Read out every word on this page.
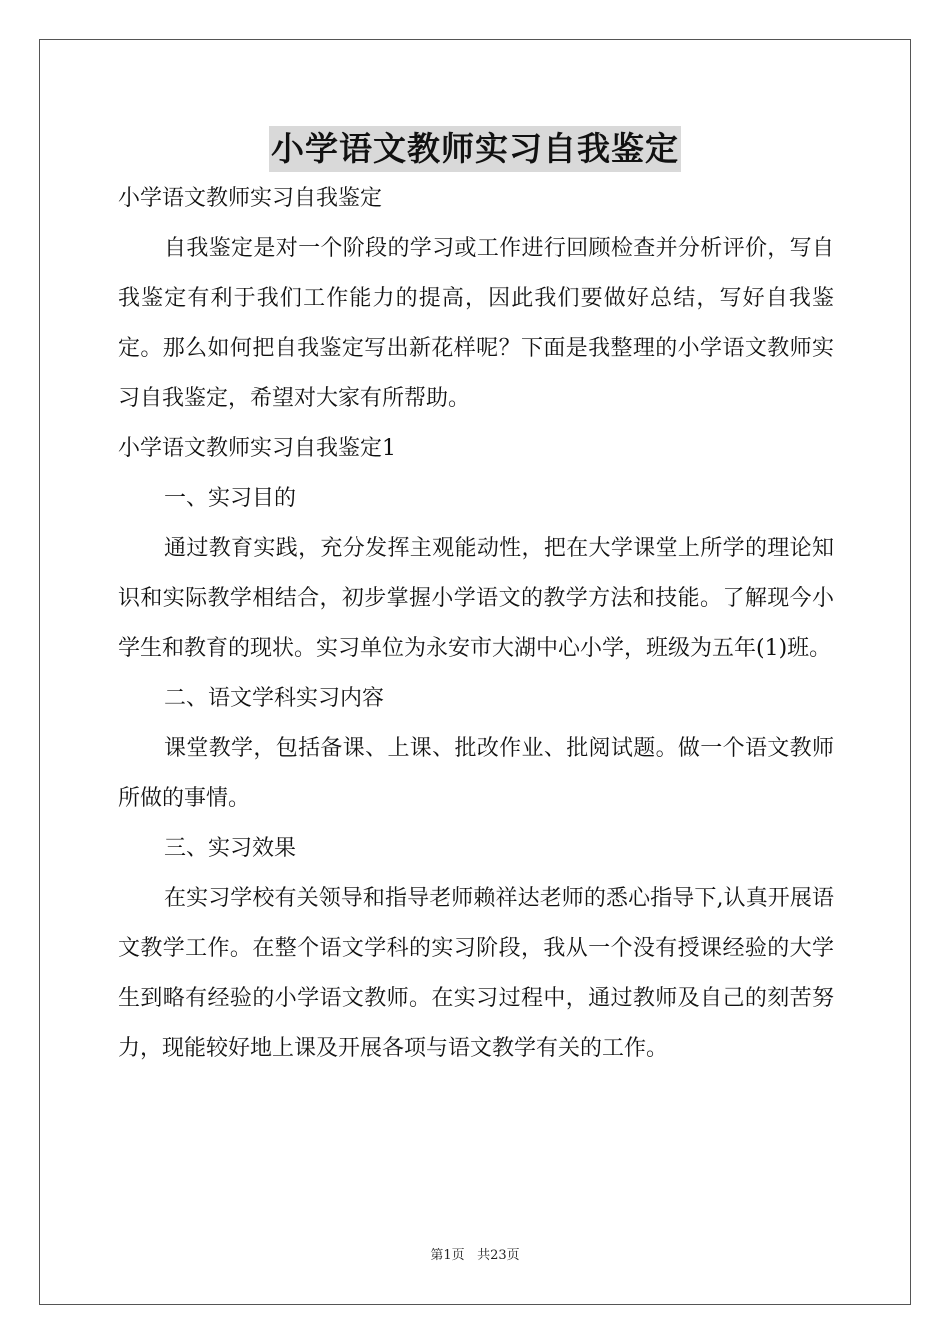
小学语文教师实习自我鉴定

小学语文教师实习自我鉴定

自我鉴定是对一个阶段的学习或工作进行回顾检查并分析评价，写自我鉴定有利于我们工作能力的提高，因此我们要做好总结，写好自我鉴定。那么如何把自我鉴定写出新花样呢？下面是我整理的小学语文教师实习自我鉴定，希望对大家有所帮助。

小学语文教师实习自我鉴定1

一、实习目的

通过教育实践，充分发挥主观能动性，把在大学课堂上所学的理论知识和实际教学相结合，初步掌握小学语文的教学方法和技能。了解现今小学生和教育的现状。实习单位为永安市大湖中心小学，班级为五年(1)班。

二、语文学科实习内容

课堂教学，包括备课、上课、批改作业、批阅试题。做一个语文教师所做的事情。

三、实习效果

在实习学校有关领导和指导老师赖祥达老师的悉心指导下,认真开展语文教学工作。在整个语文学科的实习阶段，我从一个没有授课经验的大学生到略有经验的小学语文教师。在实习过程中，通过教师及自己的刻苦努力，现能较好地上课及开展各项与语文教学有关的工作。

第1页 共23页
